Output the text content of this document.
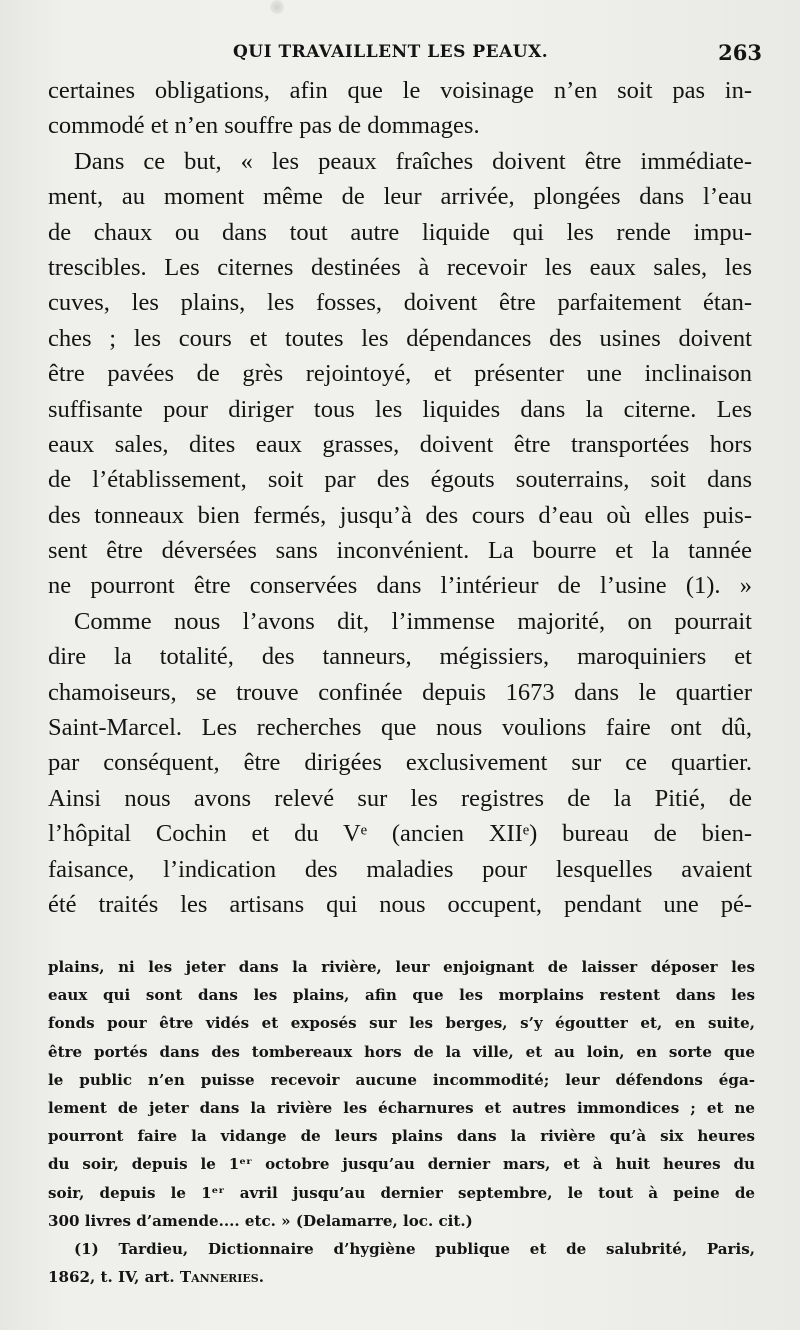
QUI TRAVAILLENT LES PEAUX.	263
certaines obligations, afin que le voisinage n’en soit pas in-
commodé et n’en souffre pas de dommages.
Dans ce but, « les peaux fraîches doivent être immédiate-
ment, au moment même de leur arrivée, plongées dans l’eau
de chaux ou dans tout autre liquide qui les rende impu-
trescibles. Les citernes destinées à recevoir les eaux sales, les
cuves, les plains, les fosses, doivent être parfaitement étan-
ches ; les cours et toutes les dépendances des usines doivent
être pavées de grès rejointoyé, et présenter une inclinaison
suffisante pour diriger tous les liquides dans la citerne. Les
eaux sales, dites eaux grasses, doivent être transportées hors
de l’établissement, soit par des égouts souterrains, soit dans
des tonneaux bien fermés, jusqu’à des cours d’eau où elles puis-
sent être déversées sans inconvénient. La bourre et la tannée
ne pourront être conservées dans l’intérieur de l’usine (1). »
Comme nous l’avons dit, l’immense majorité, on pourrait
dire la totalité, des tanneurs, mégissiers, maroquiniers et
chamoiseurs, se trouve confinée depuis 1673 dans le quartier
Saint-Marcel. Les recherches que nous voulions faire ont dû,
par conséquent, être dirigées exclusivement sur ce quartier.
Ainsi nous avons relevé sur les registres de la Pitié, de
l’hôpital Cochin et du Vᵉ (ancien XIIᵉ) bureau de bien-
faisance, l’indication des maladies pour lesquelles avaient
été traités les artisans qui nous occupent, pendant une pé-
plains, ni les jeter dans la rivière, leur enjoignant de laisser déposer les
eaux qui sont dans les plains, afin que les morplains restent dans les
fonds pour être vidés et exposés sur les berges, s’y égoutter et, en suite,
être portés dans des tombereaux hors de la ville, et au loin, en sorte que
le public n’en puisse recevoir aucune incommodité; leur défendons éga-
lement de jeter dans la rivière les écharnures et autres immondices ; et ne
pourront faire la vidange de leurs plains dans la rivière qu’à six heures
du soir, depuis le 1ᵉʳ octobre jusqu’au dernier mars, et à huit heures du
soir, depuis le 1ᵉʳ avril jusqu’au dernier septembre, le tout à peine de
300 livres d’amende.... etc. » (Delamarre, loc. cit.)
(1) Tardieu, Dictionnaire d’hygiène publique et de salubrité, Paris,
1862, t. IV, art. Tanneries.
